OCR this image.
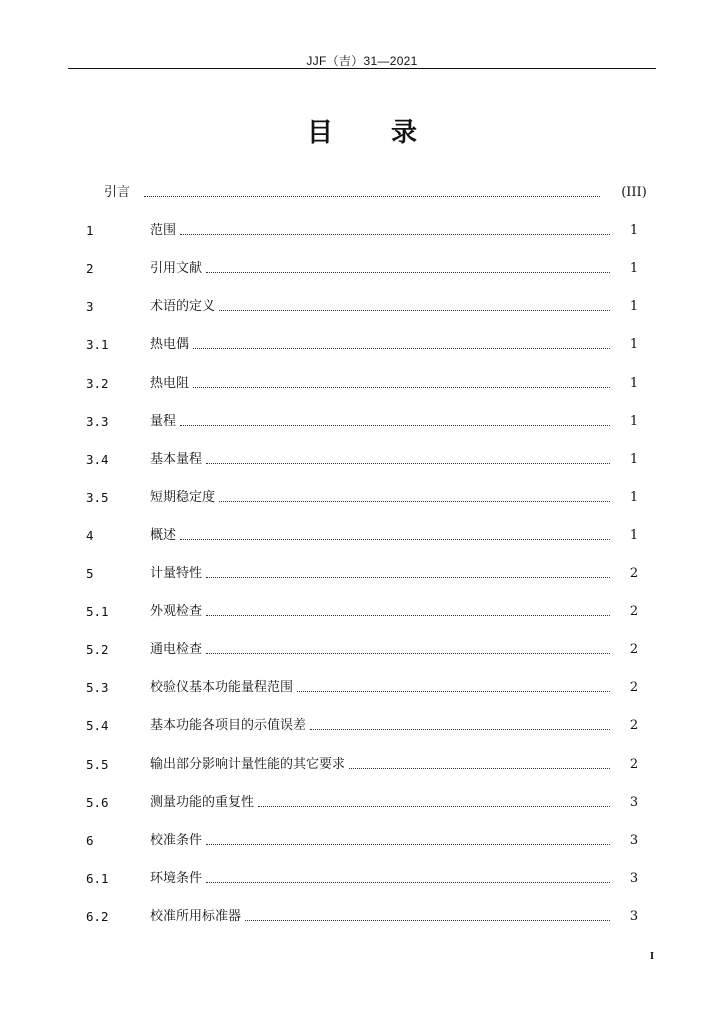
JJF（吉）31—2021
目 录
引言	(III)
1	范围	1
2	引用文献	1
3	术语的定义	1
3.1	热电偶	1
3.2	热电阻	1
3.3	量程	1
3.4	基本量程	1
3.5	短期稳定度	1
4	概述	1
5	计量特性	2
5.1	外观检查	2
5.2	通电检查	2
5.3	校验仪基本功能量程范围	2
5.4	基本功能各项目的示值误差	2
5.5	输出部分影响计量性能的其它要求	2
5.6	测量功能的重复性	3
6	校准条件	3
6.1	环境条件	3
6.2	校准所用标准器	3
I
